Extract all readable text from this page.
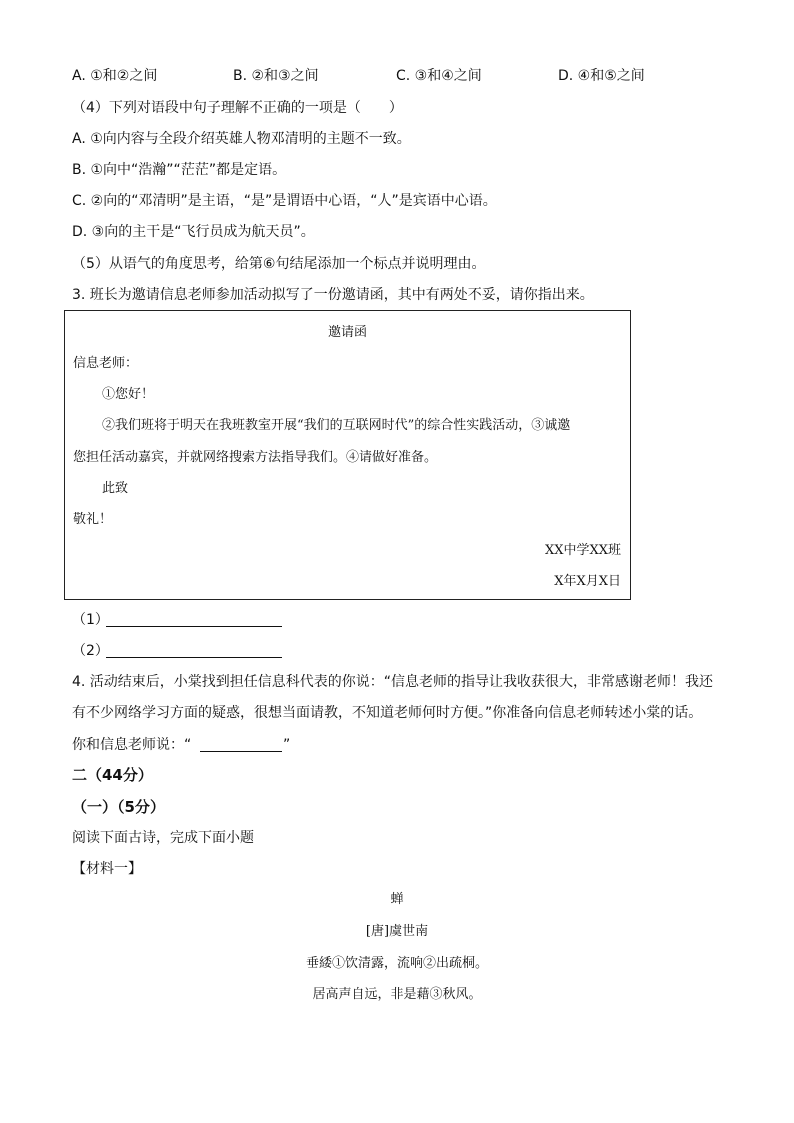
A. ①和②之间	B. ②和③之间	C. ③和④之间	D. ④和⑤之间
（4）下列对语段中句子理解不正确的一项是（　　）
A. ①向内容与全段介绍英雄人物邓清明的主题不一致。
B. ①向中“浩瀚”“茫茫”都是定语。
C. ②向的“邓清明”是主语，“是”是谓语中心语，“人”是宾语中心语。
D. ③向的主干是“飞行员成为航天员”。
（5）从语气的角度思考，给第⑥句结尾添加一个标点并说明理由。
3. 班长为邀请信息老师参加活动拟写了一份邀请函，其中有两处不妥，请你指出来。
邀请函
信息老师：
①您好！
②我们班将于明天在我班教室开展“我们的互联网时代”的综合性实践活动，③诚邀
您担任活动嘉宾，并就网络搜索方法指导我们。④请做好准备。
此致
敬礼！
XX中学XX班
X年X月X日
（1）
（2）
4. 活动结束后，小棠找到担任信息科代表的你说：“信息老师的指导让我收获很大，非常感谢老师！我还
有不少网络学习方面的疑惑，很想当面请教，不知道老师何时方便。”你准备向信息老师转述小棠的话。
你和信息老师说：“	”
二（44分）
（一）（5分）
阅读下面古诗，完成下面小题
【材料一】
蝉
[唐]虞世南
垂緌①饮清露，流响②出疏桐。
居高声自远，非是藉③秋风。
